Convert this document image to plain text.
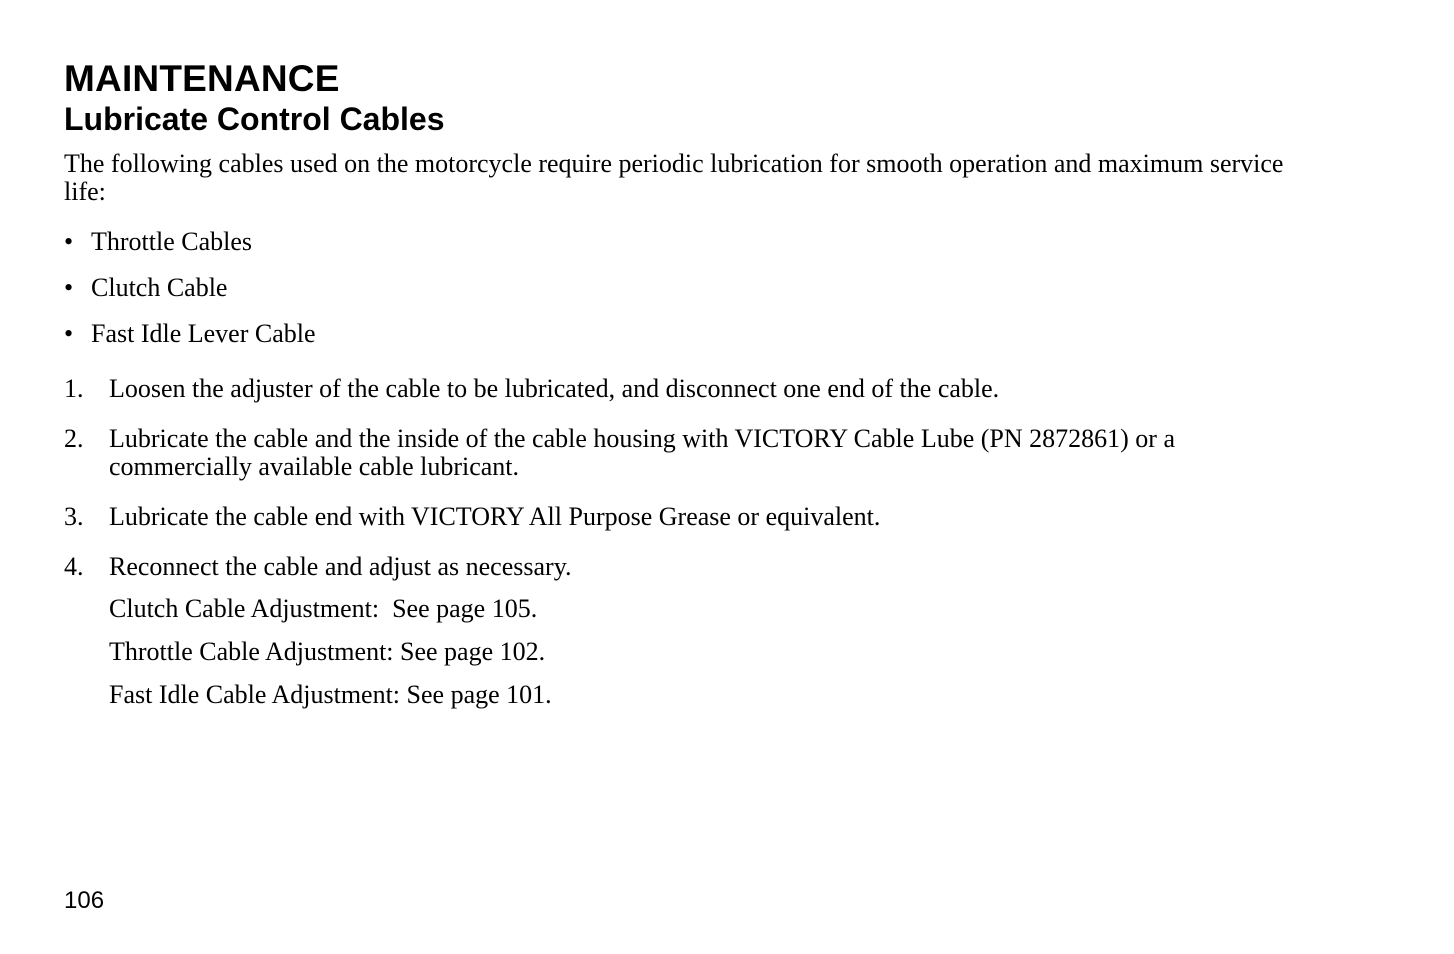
MAINTENANCE
Lubricate Control Cables

The following cables used on the motorcycle require periodic lubrication for smooth operation and maximum service life:

• Throttle Cables
• Clutch Cable
• Fast Idle Lever Cable
1. Loosen the adjuster of the cable to be lubricated, and disconnect one end of the cable.
2. Lubricate the cable and the inside of the cable housing with VICTORY Cable Lube (PN 2872861) or a commercially available cable lubricant.
3. Lubricate the cable end with VICTORY All Purpose Grease or equivalent.
4. Reconnect the cable and adjust as necessary.
Clutch Cable Adjustment:  See page 105.
Throttle Cable Adjustment: See page 102.
Fast Idle Cable Adjustment: See page 101.
106
